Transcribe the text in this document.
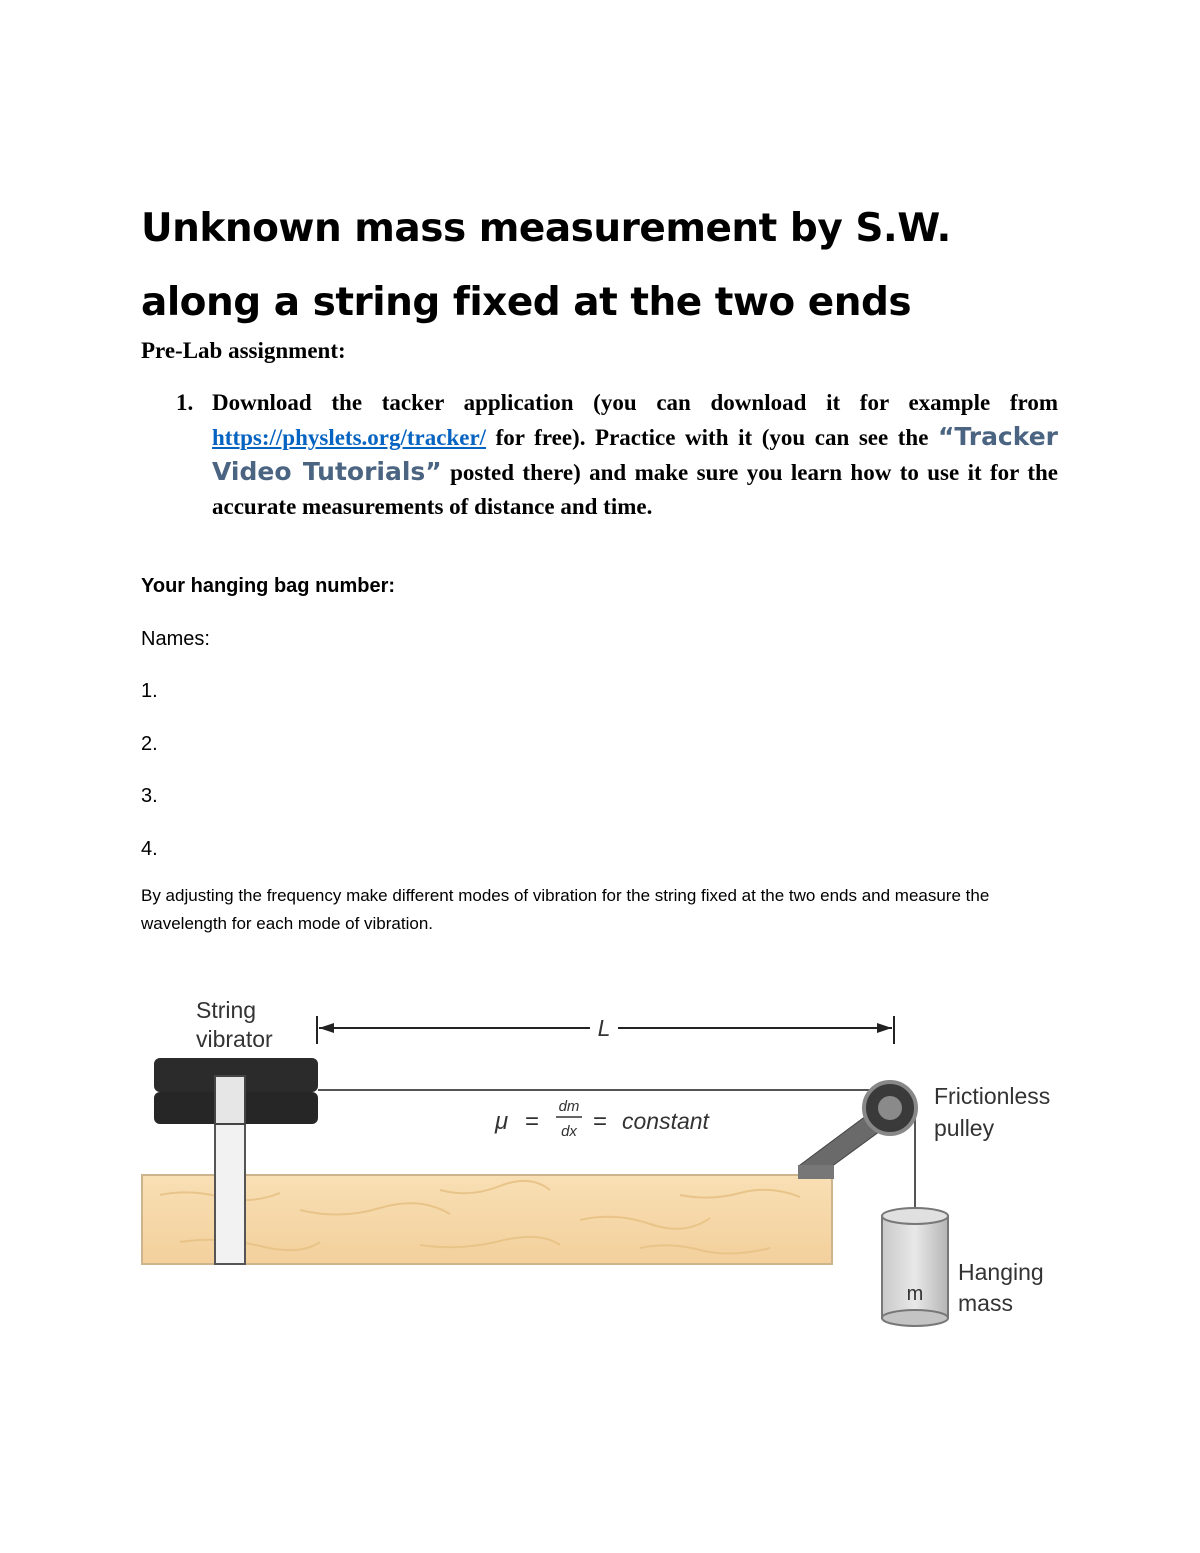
Unknown mass measurement by S.W.
along a string fixed at the two ends
Pre-Lab assignment:
1. Download the tacker application (you can download it for example from https://physlets.org/tracker/ for free). Practice with it (you can see the “Tracker Video Tutorials” posted there) and make sure you learn how to use it for the accurate measurements of distance and time.
Your hanging bag number:
Names:
1.
2.
3.
4.
By adjusting the frequency make different modes of vibration for the string fixed at the two ends and measure the wavelength for each mode of vibration.
m
L
String
vibrator
Frictionless
pulley
Hanging
mass
μ =
dm
dx = constant
